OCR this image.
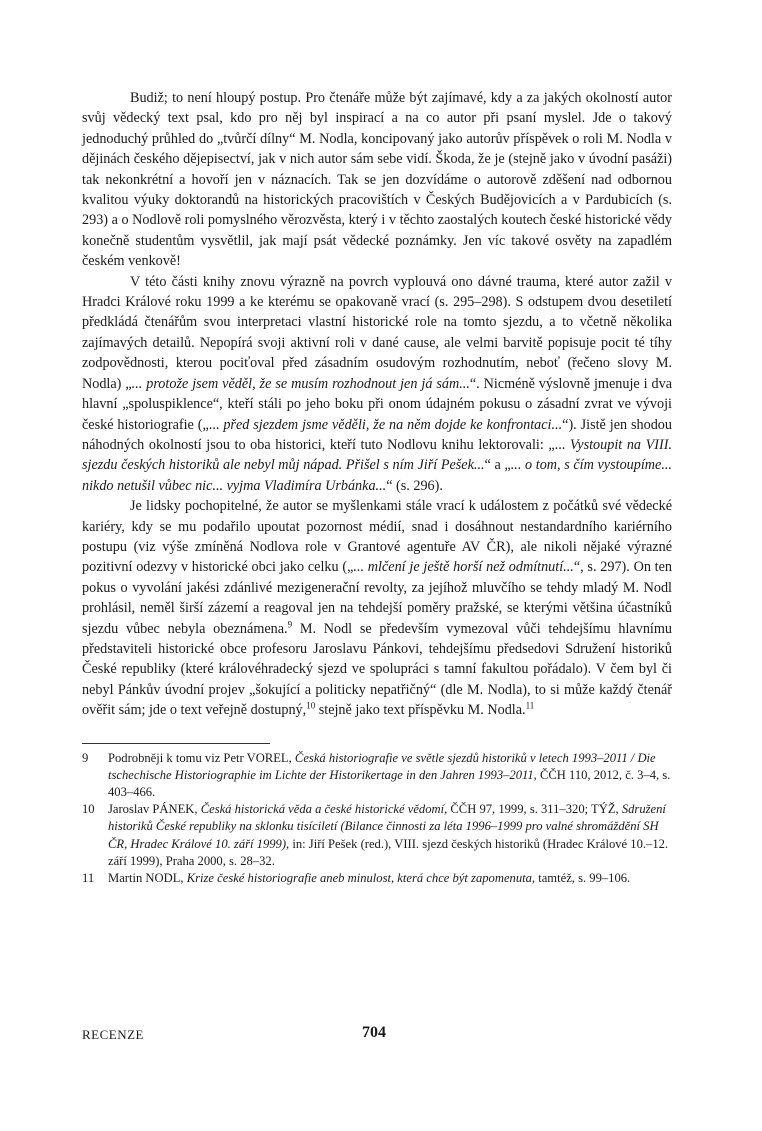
Budiž; to není hloupý postup. Pro čtenáře může být zajímavé, kdy a za jakých okolností autor svůj vědecký text psal, kdo pro něj byl inspirací a na co autor při psaní myslel. Jde o takový jednoduchý průhled do „tvůrčí dílny“ M. Nodla, koncipovaný jako autorův příspěvek o roli M. Nodla v dějinách českého dějepisectví, jak v nich autor sám sebe vidí. Škoda, že je (stejně jako v úvodní pasáži) tak nekonkrétní a hovoří jen v náznacích. Tak se jen dozvídáme o autorově zděšení nad odbornou kvalitou výuky doktorandů na historických pracovištích v Českých Budějovicích a v Pardubicích (s. 293) a o Nodlově roli pomyslného věrozvěsta, který i v těchto zaostalých koutech české historické vědy konečně studentům vysvětlil, jak mají psát vědecké poznámky. Jen víc takové osvěty na zapadlém českém venkově!

V této části knihy znovu výrazně na povrch vyplouvá ono dávné trauma, které autor zažil v Hradci Králové roku 1999 a ke kterému se opakovaně vrací (s. 295–298). S odstupem dvou desetiletí předkládá čtenářům svou interpretaci vlastní historické role na tomto sjezdu, a to včetně několika zajímavých detailů. Nepopírá svoji aktivní roli v dané cause, ale velmi barvitě popisuje pocit té tíhy zodpovědnosti, kterou pociťoval před zásadním osudovým rozhodnutím, neboť (řečeno slovy M. Nodla) „... protože jsem věděl, že se musím rozhodnout jen já sám...“. Nicméně výslovně jmenuje i dva hlavní „spoluspiklence“, kteří stáli po jeho boku při onom údajném pokusu o zásadní zvrat ve vývoji české historiografie („... před sjezdem jsme věděli, že na něm dojde ke konfrontaci...“). Jistě jen shodou náhodných okolností jsou to oba historici, kteří tuto Nodlovu knihu lektorovali: „... Vystoupit na VIII. sjezdu českých historiků ale nebyl můj nápad. Přišel s ním Jiří Pešek...“ a „... o tom, s čím vystoupíme... nikdo netušil vůbec nic... vyjma Vladimíra Urbánka...“ (s. 296).

Je lidsky pochopitelné, že autor se myšlenkami stále vrací k událostem z počátků své vědecké kariéry, kdy se mu podařilo upoutat pozornost médií, snad i dosáhnout nestandardního kariérního postupu (viz výše zmíněná Nodlova role v Grantové agentuře AV ČR), ale nikoli nějaké výrazné pozitivní odezvy v historické obci jako celku („... mlčení je ještě horší než odmítnutí...“, s. 297). On ten pokus o vyvolání jakési zdánlivé mezigenerační revolty, za jejíhož mluvčího se tehdy mladý M. Nodl prohlásil, neměl širší zázemí a reagoval jen na tehdejší poměry pražské, se kterými většina účastníků sjezdu vůbec nebyla obeznámena.$^9$ M. Nodl se především vymezoval vůči tehdejšímu hlavnímu představiteli historické obce profesoru Jaroslavu Pánkovi, tehdejšímu předsedovi Sdružení historiků České republiky (které královéhradecký sjezd ve spolupráci s tamní fakultou pořádalo). V čem byl či nebyl Pánkův úvodní projev „šokující a politicky nepatřičný“ (dle M. Nodla), to si může každý čtenář ověřit sám; jde o text veřejně dostupný,$^{10}$ stejně jako text příspěvku M. Nodla.$^{11}$

9	Podrobněji k tomu viz Petr VOREL, Česká historiografie ve světle sjezdů historiků v letech 1993–2011 / Die tschechische Historiographie im Lichte der Historikertage in den Jahren 1993–2011, ČČH 110, 2012, č. 3–4, s. 403–466.
10	Jaroslav PÁNEK, Česká historická věda a české historické vědomí, ČČH 97, 1999, s. 311–320; TÝŽ, Sdružení historiků České republiky na sklonku tisíciletí (Bilance činnosti za léta 1996–1999 pro valné shromáždění SH ČR, Hradec Králové 10. září 1999), in: Jiří Pešek (red.), VIII. sjezd českých historiků (Hradec Králové 10.–12. září 1999), Praha 2000, s. 28–32.
11	Martin NODL, Krize české historiografie aneb minulost, která chce být zapomenuta, tamtéž, s. 99–106.
RECENZE	704
